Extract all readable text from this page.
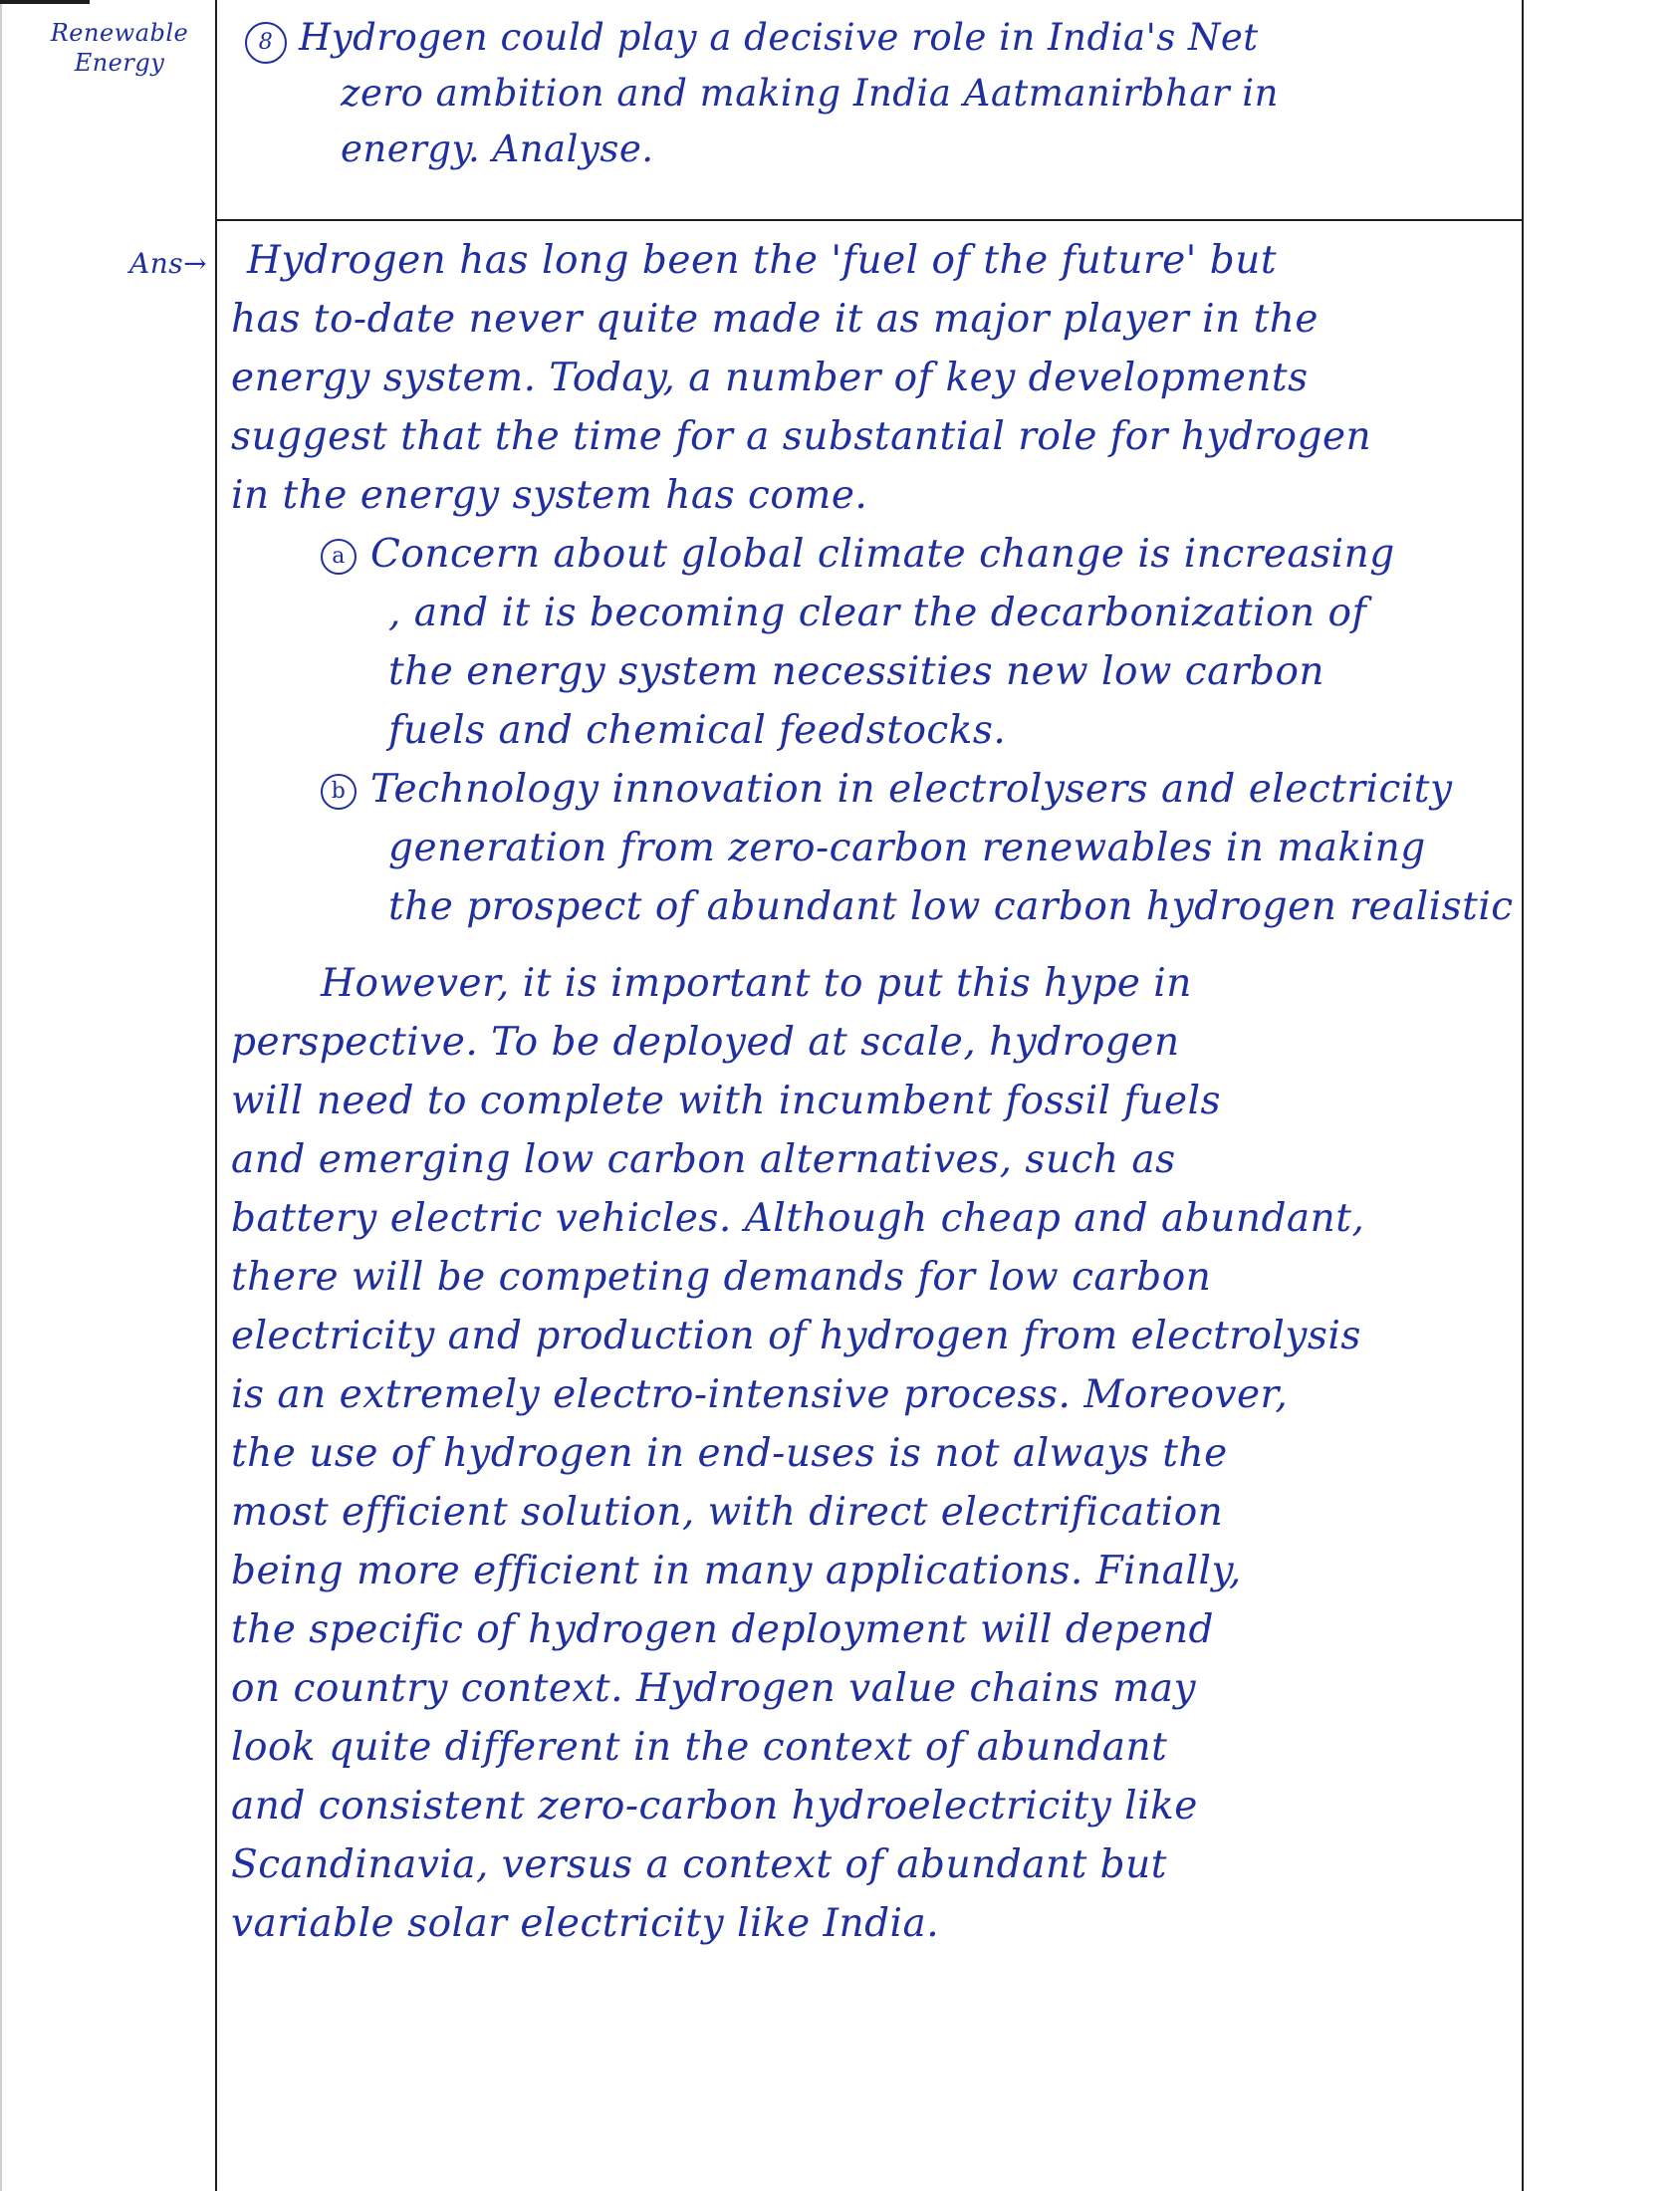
Renewable
Energy
8 Hydrogen could play a decisive role in India's Net
zero ambition and making India Aatmanirbhar in
energy. Analyse.
Ans→	Hydrogen has long been the 'fuel of the future' but
has to-date never quite made it as major player in the
energy system. Today, a number of key developments
suggest that the time for a substantial role for hydrogen
in the energy system has come.
a Concern about global climate change is increasing
, and it is becoming clear the decarbonization of
the energy system necessities new low carbon
fuels and chemical feedstocks.
b Technology innovation in electrolysers and electricity
generation from zero-carbon renewables in making
the prospect of abundant low carbon hydrogen realistic
However, it is important to put this hype in
perspective. To be deployed at scale, hydrogen
will need to complete with incumbent fossil fuels
and emerging low carbon alternatives, such as
battery electric vehicles. Although cheap and abundant,
there will be competing demands for low carbon
electricity and production of hydrogen from electrolysis
is an extremely electro-intensive process. Moreover,
the use of hydrogen in end-uses is not always the
most efficient solution, with direct electrification
being more efficient in many applications. Finally,
the specific of hydrogen deployment will depend
on country context. Hydrogen value chains may
look quite different in the context of abundant
and consistent zero-carbon hydroelectricity like
Scandinavia, versus a context of abundant but
variable solar electricity like India.
